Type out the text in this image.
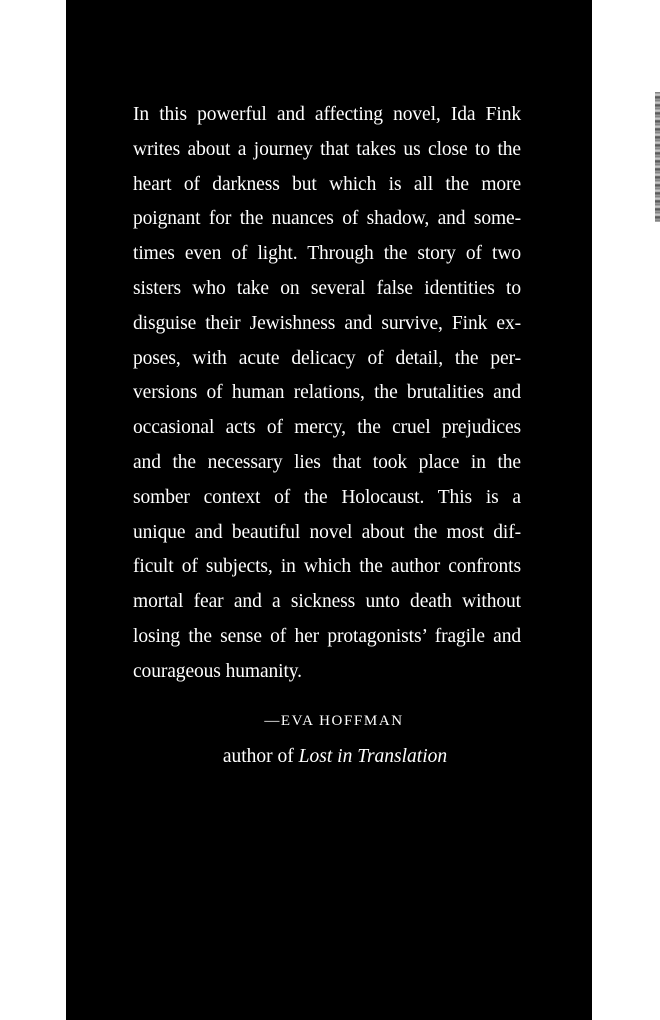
In this powerful and affecting novel, Ida Fink
writes about a journey that takes us close to the
heart of darkness but which is all the more
poignant for the nuances of shadow, and some-
times even of light. Through the story of two
sisters who take on several false identities to
disguise their Jewishness and survive, Fink ex-
poses, with acute delicacy of detail, the per-
versions of human relations, the brutalities and
occasional acts of mercy, the cruel prejudices
and the necessary lies that took place in the
somber context of the Holocaust. This is a
unique and beautiful novel about the most dif-
ficult of subjects, in which the author confronts
mortal fear and a sickness unto death without
losing the sense of her protagonists’ fragile and
courageous humanity.
—EVA HOFFMAN
author of Lost in Translation
